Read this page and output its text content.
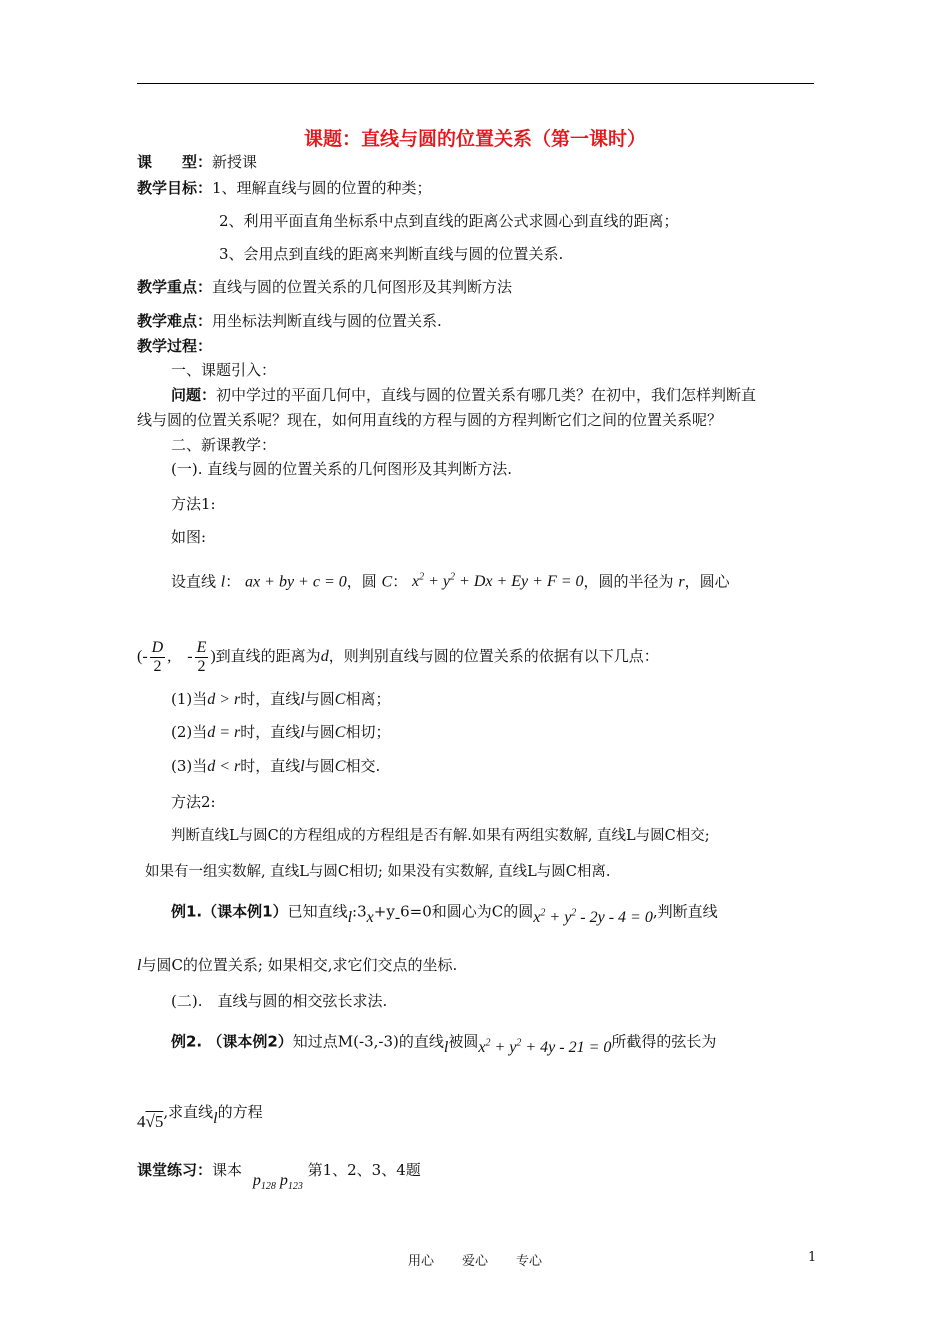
课题：直线与圆的位置关系（第一课时）
课　　型：新授课
教学目标：1、理解直线与圆的位置的种类；
2、利用平面直角坐标系中点到直线的距离公式求圆心到直线的距离；
3、会用点到直线的距离来判断直线与圆的位置关系.
教学重点：直线与圆的位置关系的几何图形及其判断方法
教学难点：用坐标法判断直线与圆的位置关系.
教学过程：
一、课题引入：
问题：初中学过的平面几何中，直线与圆的位置关系有哪几类？在初中，我们怎样判断直
线与圆的位置关系呢？现在，如何用直线的方程与圆的方程判断它们之间的位置关系呢？
二、新课教学：
(一). 直线与圆的位置关系的几何图形及其判断方法.
方法1:
如图:
设直线 l： ax + by + c = 0，圆 C： $x^2 + y^2 + Dx + Ey + F = 0$，圆的半径为 r，圆心
(- $\frac{D}{2}$ ,　- $\frac{E}{2}$ )到直线的距离为d，则判别直线与圆的位置关系的依据有以下几点：
(1)当d > r时，直线l与圆C相离；
(2)当d = r时，直线l与圆C相切；
(3)当d < r时，直线l与圆C相交.
方法2:
判断直线L与圆C的方程组成的方程组是否有解.如果有两组实数解, 直线L与圆C相交;
如果有一组实数解, 直线L与圆C相切; 如果没有实数解, 直线L与圆C相离.
例1.（课本例1）已知直线l:3x+y-6=0和圆心为C的圆$x^2 + y^2 - 2y - 4 = 0$,判断直线
l与圆C的位置关系; 如果相交,求它们交点的坐标.
(二).　直线与圆的相交弦长求法.
例2. （课本例2）知过点M(-3,-3)的直线l被圆$x^2 + y^2 + 4y - 21 = 0$所截得的弦长为
4√5,求直线l的方程
课堂练习：课本 $p_{128}$ $p_{123}$ 第1、2、3、4题
用心 爱心 专心	1
